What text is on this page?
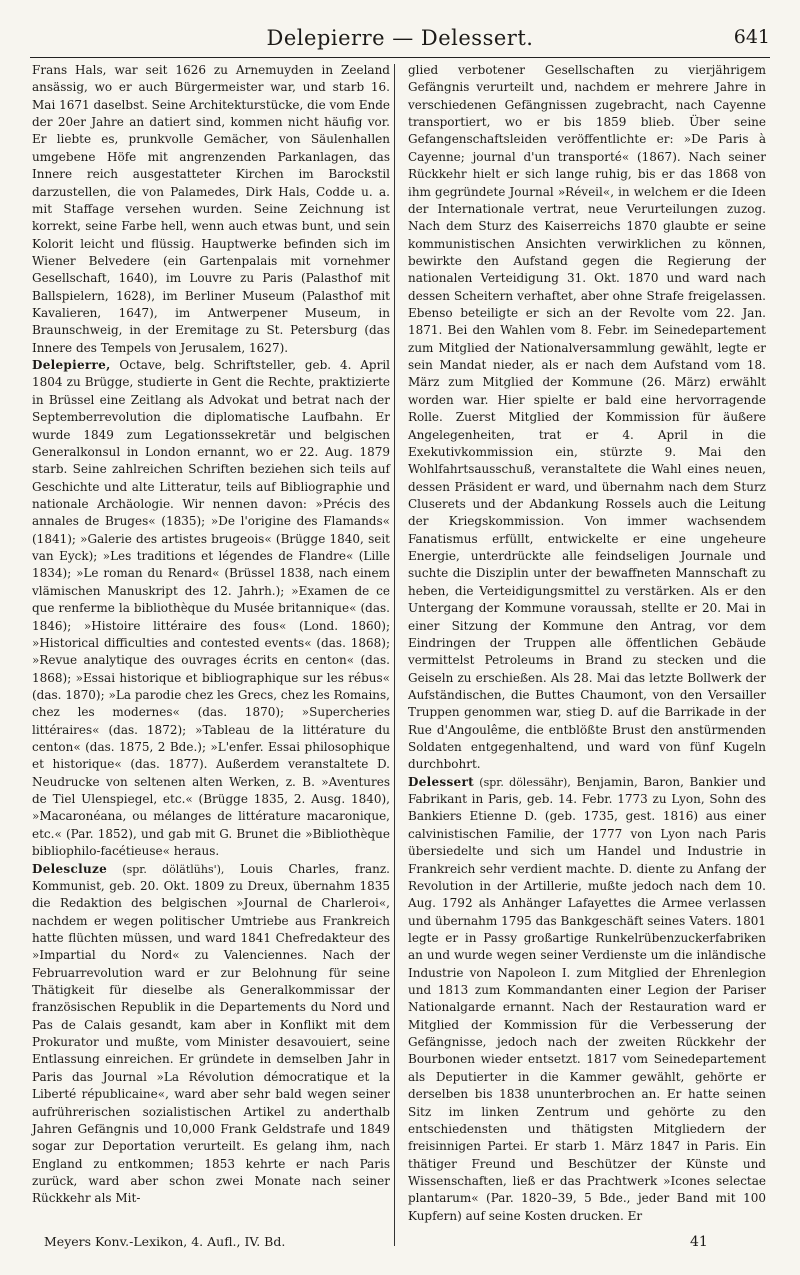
Delepierre — Delessert.	641

Frans Hals, war seit 1626 zu Arnemuyden in Zeeland ansässig, wo er auch Bürgermeister war, und starb 16. Mai 1671 daselbst. Seine Architekturstücke, die vom Ende der 20er Jahre an datiert sind, kommen nicht häufig vor. Er liebte es, prunkvolle Gemächer, von Säulenhallen umgebene Höfe mit angrenzenden Parkanlagen, das Innere reich ausgestatteter Kirchen im Barockstil darzustellen, die von Palamedes, Dirk Hals, Codde u. a. mit Staffage versehen wurden. Seine Zeichnung ist korrekt, seine Farbe hell, wenn auch etwas bunt, und sein Kolorit leicht und flüssig. Hauptwerke befinden sich im Wiener Belvedere (ein Gartenpalais mit vornehmer Gesellschaft, 1640), im Louvre zu Paris (Palasthof mit Ballspielern, 1628), im Berliner Museum (Palasthof mit Kavalieren, 1647), im Antwerpener Museum, in Braunschweig, in der Eremitage zu St. Petersburg (das Innere des Tempels von Jerusalem, 1627).

Delepierre, Octave, belg. Schriftsteller, geb. 4. April 1804 zu Brügge, studierte in Gent die Rechte, praktizierte in Brüssel eine Zeitlang als Advokat und betrat nach der Septemberrevolution die diplomatische Laufbahn. Er wurde 1849 zum Legationssekretär und belgischen Generalkonsul in London ernannt, wo er 22. Aug. 1879 starb. Seine zahlreichen Schriften beziehen sich teils auf Geschichte und alte Litteratur, teils auf Bibliographie und nationale Archäologie. Wir nennen davon: »Précis des annales de Bruges« (1835); »De l'origine des Flamands« (1841); »Galerie des artistes brugeois« (Brügge 1840, seit van Eyck); »Les traditions et légendes de Flandre« (Lille 1834); »Le roman du Renard« (Brüssel 1838, nach einem vlämischen Manuskript des 12. Jahrh.); »Examen de ce que renferme la bibliothèque du Musée britannique« (das. 1846); »Histoire littéraire des fous« (Lond. 1860); »Historical difficulties and contested events« (das. 1868); »Revue analytique des ouvrages écrits en centon« (das. 1868); »Essai historique et bibliographique sur les rébus« (das. 1870); »La parodie chez les Grecs, chez les Romains, chez les modernes« (das. 1870); »Supercheries littéraires« (das. 1872); »Tableau de la littérature du centon« (das. 1875, 2 Bde.); »L'enfer. Essai philosophique et historique« (das. 1877). Außerdem veranstaltete D. Neudrucke von seltenen alten Werken, z. B. »Aventures de Tiel Ulenspiegel, etc.« (Brügge 1835, 2. Ausg. 1840), »Macaronéana, ou mélanges de littérature macaronique, etc.« (Par. 1852), und gab mit G. Brunet die »Bibliothèque bibliophilo-facétieuse« heraus.

Delescluze (spr. dölätlühs'), Louis Charles, franz. Kommunist, geb. 20. Okt. 1809 zu Dreux, übernahm 1835 die Redaktion des belgischen »Journal de Charleroi«, nachdem er wegen politischer Umtriebe aus Frankreich hatte flüchten müssen, und ward 1841 Chefredakteur des »Impartial du Nord« zu Valenciennes. Nach der Februarrevolution ward er zur Belohnung für seine Thätigkeit für dieselbe als Generalkommissar der französischen Republik in die Departements du Nord und Pas de Calais gesandt, kam aber in Konflikt mit dem Prokurator und mußte, vom Minister desavouiert, seine Entlassung einreichen. Er gründete in demselben Jahr in Paris das Journal »La Révolution démocratique et la Liberté républicaine«, ward aber sehr bald wegen seiner aufrührerischen sozialistischen Artikel zu anderthalb Jahren Gefängnis und 10,000 Frank Geldstrafe und 1849 sogar zur Deportation verurteilt. Es gelang ihm, nach England zu entkommen; 1853 kehrte er nach Paris zurück, ward aber schon zwei Monate nach seiner Rückkehr als Mit-

glied verbotener Gesellschaften zu vierjährigem Gefängnis verurteilt und, nachdem er mehrere Jahre in verschiedenen Gefängnissen zugebracht, nach Cayenne transportiert, wo er bis 1859 blieb. Über seine Gefangenschaftsleiden veröffentlichte er: »De Paris à Cayenne; journal d'un transporté« (1867). Nach seiner Rückkehr hielt er sich lange ruhig, bis er das 1868 von ihm gegründete Journal »Réveil«, in welchem er die Ideen der Internationale vertrat, neue Verurteilungen zuzog. Nach dem Sturz des Kaiserreichs 1870 glaubte er seine kommunistischen Ansichten verwirklichen zu können, bewirkte den Aufstand gegen die Regierung der nationalen Verteidigung 31. Okt. 1870 und ward nach dessen Scheitern verhaftet, aber ohne Strafe freigelassen. Ebenso beteiligte er sich an der Revolte vom 22. Jan. 1871. Bei den Wahlen vom 8. Febr. im Seinedepartement zum Mitglied der Nationalversammlung gewählt, legte er sein Mandat nieder, als er nach dem Aufstand vom 18. März zum Mitglied der Kommune (26. März) erwählt worden war. Hier spielte er bald eine hervorragende Rolle. Zuerst Mitglied der Kommission für äußere Angelegenheiten, trat er 4. April in die Exekutivkommission ein, stürzte 9. Mai den Wohlfahrtsausschuß, veranstaltete die Wahl eines neuen, dessen Präsident er ward, und übernahm nach dem Sturz Cluserets und der Abdankung Rossels auch die Leitung der Kriegskommission. Von immer wachsendem Fanatismus erfüllt, entwickelte er eine ungeheure Energie, unterdrückte alle feindseligen Journale und suchte die Disziplin unter der bewaffneten Mannschaft zu heben, die Verteidigungsmittel zu verstärken. Als er den Untergang der Kommune voraussah, stellte er 20. Mai in einer Sitzung der Kommune den Antrag, vor dem Eindringen der Truppen alle öffentlichen Gebäude vermittelst Petroleums in Brand zu stecken und die Geiseln zu erschießen. Als 28. Mai das letzte Bollwerk der Aufständischen, die Buttes Chaumont, von den Versailler Truppen genommen war, stieg D. auf die Barrikade in der Rue d'Angoulême, die entblößte Brust den anstürmenden Soldaten entgegenhaltend, und ward von fünf Kugeln durchbohrt.

Delessert (spr. dölessähr), Benjamin, Baron, Bankier und Fabrikant in Paris, geb. 14. Febr. 1773 zu Lyon, Sohn des Bankiers Etienne D. (geb. 1735, gest. 1816) aus einer calvinistischen Familie, der 1777 von Lyon nach Paris übersiedelte und sich um Handel und Industrie in Frankreich sehr verdient machte. D. diente zu Anfang der Revolution in der Artillerie, mußte jedoch nach dem 10. Aug. 1792 als Anhänger Lafayettes die Armee verlassen und übernahm 1795 das Bankgeschäft seines Vaters. 1801 legte er in Passy großartige Runkelrübenzuckerfabriken an und wurde wegen seiner Verdienste um die inländische Industrie von Napoleon I. zum Mitglied der Ehrenlegion und 1813 zum Kommandanten einer Legion der Pariser Nationalgarde ernannt. Nach der Restauration ward er Mitglied der Kommission für die Verbesserung der Gefängnisse, jedoch nach der zweiten Rückkehr der Bourbonen wieder entsetzt. 1817 vom Seinedepartement als Deputierter in die Kammer gewählt, gehörte er derselben bis 1838 ununterbrochen an. Er hatte seinen Sitz im linken Zentrum und gehörte zu den entschiedensten und thätigsten Mitgliedern der freisinnigen Partei. Er starb 1. März 1847 in Paris. Ein thätiger Freund und Beschützer der Künste und Wissenschaften, ließ er das Prachtwerk »Icones selectae plantarum« (Par. 1820–39, 5 Bde., jeder Band mit 100 Kupfern) auf seine Kosten drucken. Er

Meyers Konv.-Lexikon, 4. Aufl., IV. Bd.	41
